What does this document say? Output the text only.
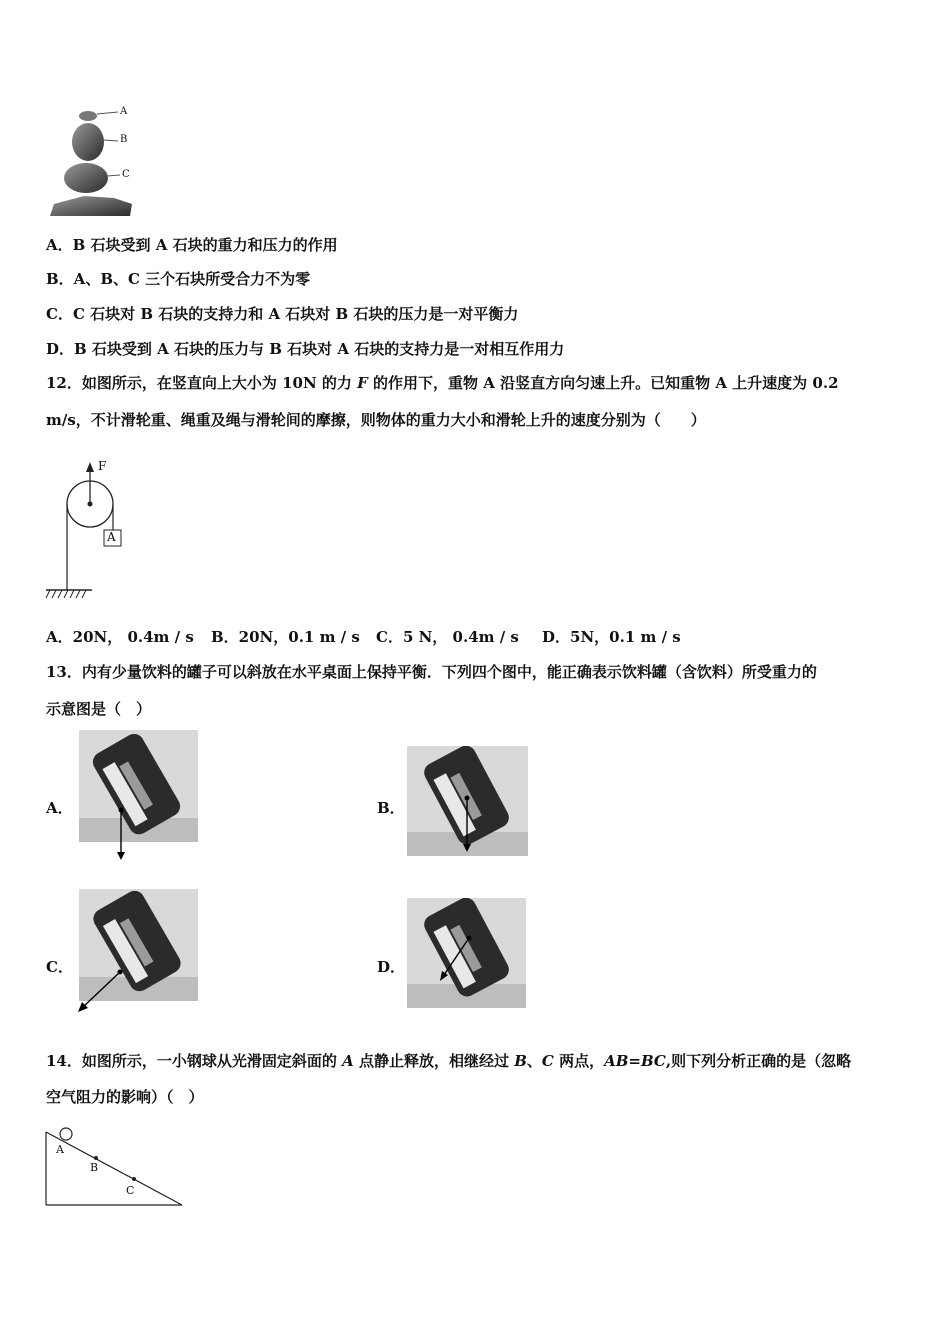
A
B
C
A．B 石块受到 A 石块的重力和压力的作用
B．A、B、C 三个石块所受合力不为零
C．C 石块对 B 石块的支持力和 A 石块对 B 石块的压力是一对平衡力
D．B 石块受到 A 石块的压力与 B 石块对 A 石块的支持力是一对相互作用力
12．如图所示，在竖直向上大小为 10N 的力 F 的作用下，重物 A 沿竖直方向匀速上升。已知重物 A 上升速度为 0.2
m/s，不计滑轮重、绳重及绳与滑轮间的摩擦，则物体的重力大小和滑轮上升的速度分别为（　　）
F
A
A．20N， 0.4m / s B．20N，0.1 m / s C．5 N， 0.4m / s D．5N，0.1 m / s
13．内有少量饮料的罐子可以斜放在水平桌面上保持平衡．下列四个图中，能正确表示饮料罐（含饮料）所受重力的
示意图是（　）
A．	B．
C．	D．
14．如图所示，一小钢球从光滑固定斜面的 A 点静止释放，相继经过 B、C 两点，AB=BC,则下列分析正确的是（忽略
空气阻力的影响）（　）
A
B
C
